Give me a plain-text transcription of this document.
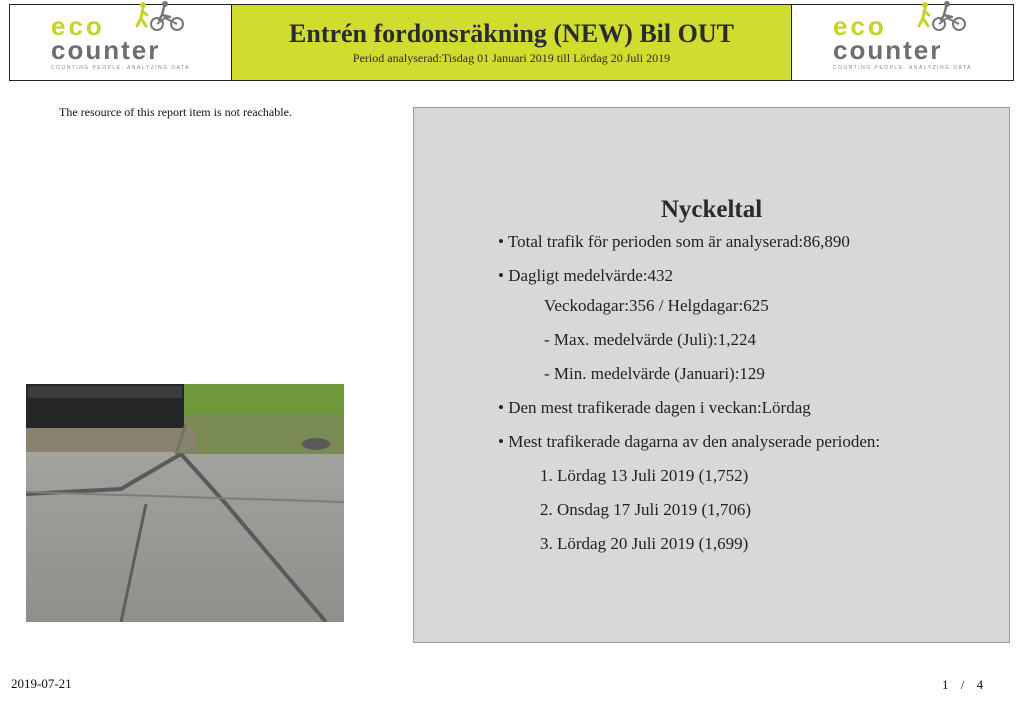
eco
counter
COUNTING PEOPLE, ANALYZING DATA
Entrén fordonsräkning (NEW) Bil OUT
Period analyserad:Tisdag 01 Januari 2019 till Lördag 20 Juli 2019
eco
counter
COUNTING PEOPLE, ANALYZING DATA
The resource of this report item is not reachable.
Nyckeltal
• Total trafik för perioden som är analyserad:86,890
• Dagligt medelvärde:432
Veckodagar:356 / Helgdagar:625
- Max. medelvärde (Juli):1,224
- Min. medelvärde (Januari):129
• Den mest trafikerade dagen i veckan:Lördag
• Mest trafikerade dagarna av den analyserade perioden:
1. Lördag 13 Juli 2019 (1,752)
2. Onsdag 17 Juli 2019 (1,706)
3. Lördag 20 Juli 2019 (1,699)
2019-07-21	1 / 4
